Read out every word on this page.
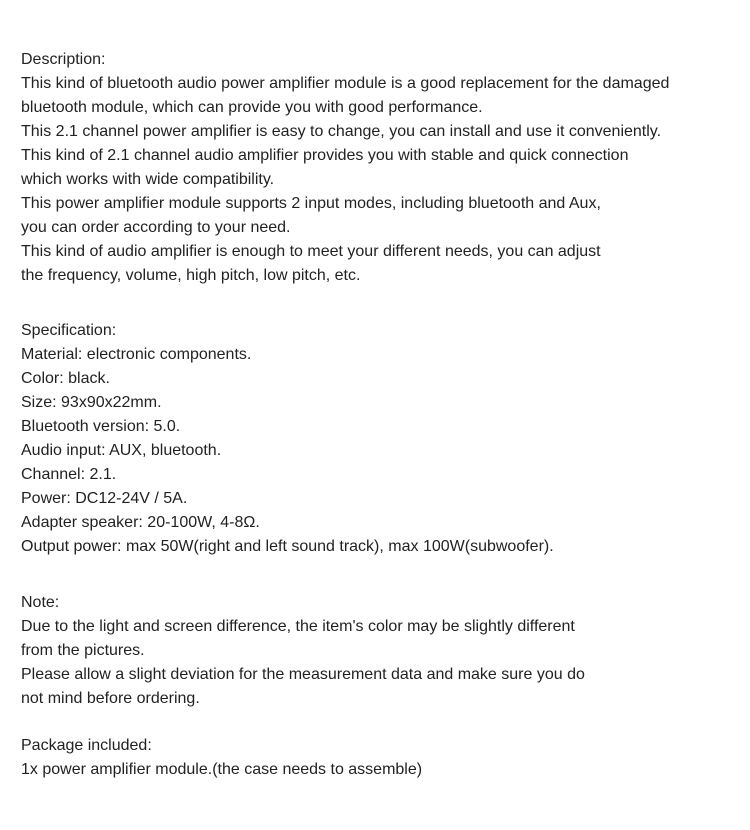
Description:
This kind of bluetooth audio power amplifier module is a good replacement for the damaged
bluetooth module, which can provide you with good performance.
This 2.1 channel power amplifier is easy to change, you can install and use it conveniently.
This kind of 2.1 channel audio amplifier provides you with stable and quick connection
which works with wide compatibility.
This power amplifier module supports 2 input modes, including bluetooth and Aux,
you can order according to your need.
This kind of audio amplifier is enough to meet your different needs, you can adjust
the frequency, volume, high pitch, low pitch, etc.
Specification:
Material: electronic components.
Color: black.
Size: 93x90x22mm.
Bluetooth version: 5.0.
Audio input: AUX, bluetooth.
Channel: 2.1.
Power: DC12-24V / 5A.
Adapter speaker: 20-100W, 4-8Ω.
Output power: max 50W(right and left sound track), max 100W(subwoofer).
Note:
Due to the light and screen difference, the item's color may be slightly different
from the pictures.
Please allow a slight deviation for the measurement data and make sure you do
not mind before ordering.
Package included:
1x power amplifier module.(the case needs to assemble)
